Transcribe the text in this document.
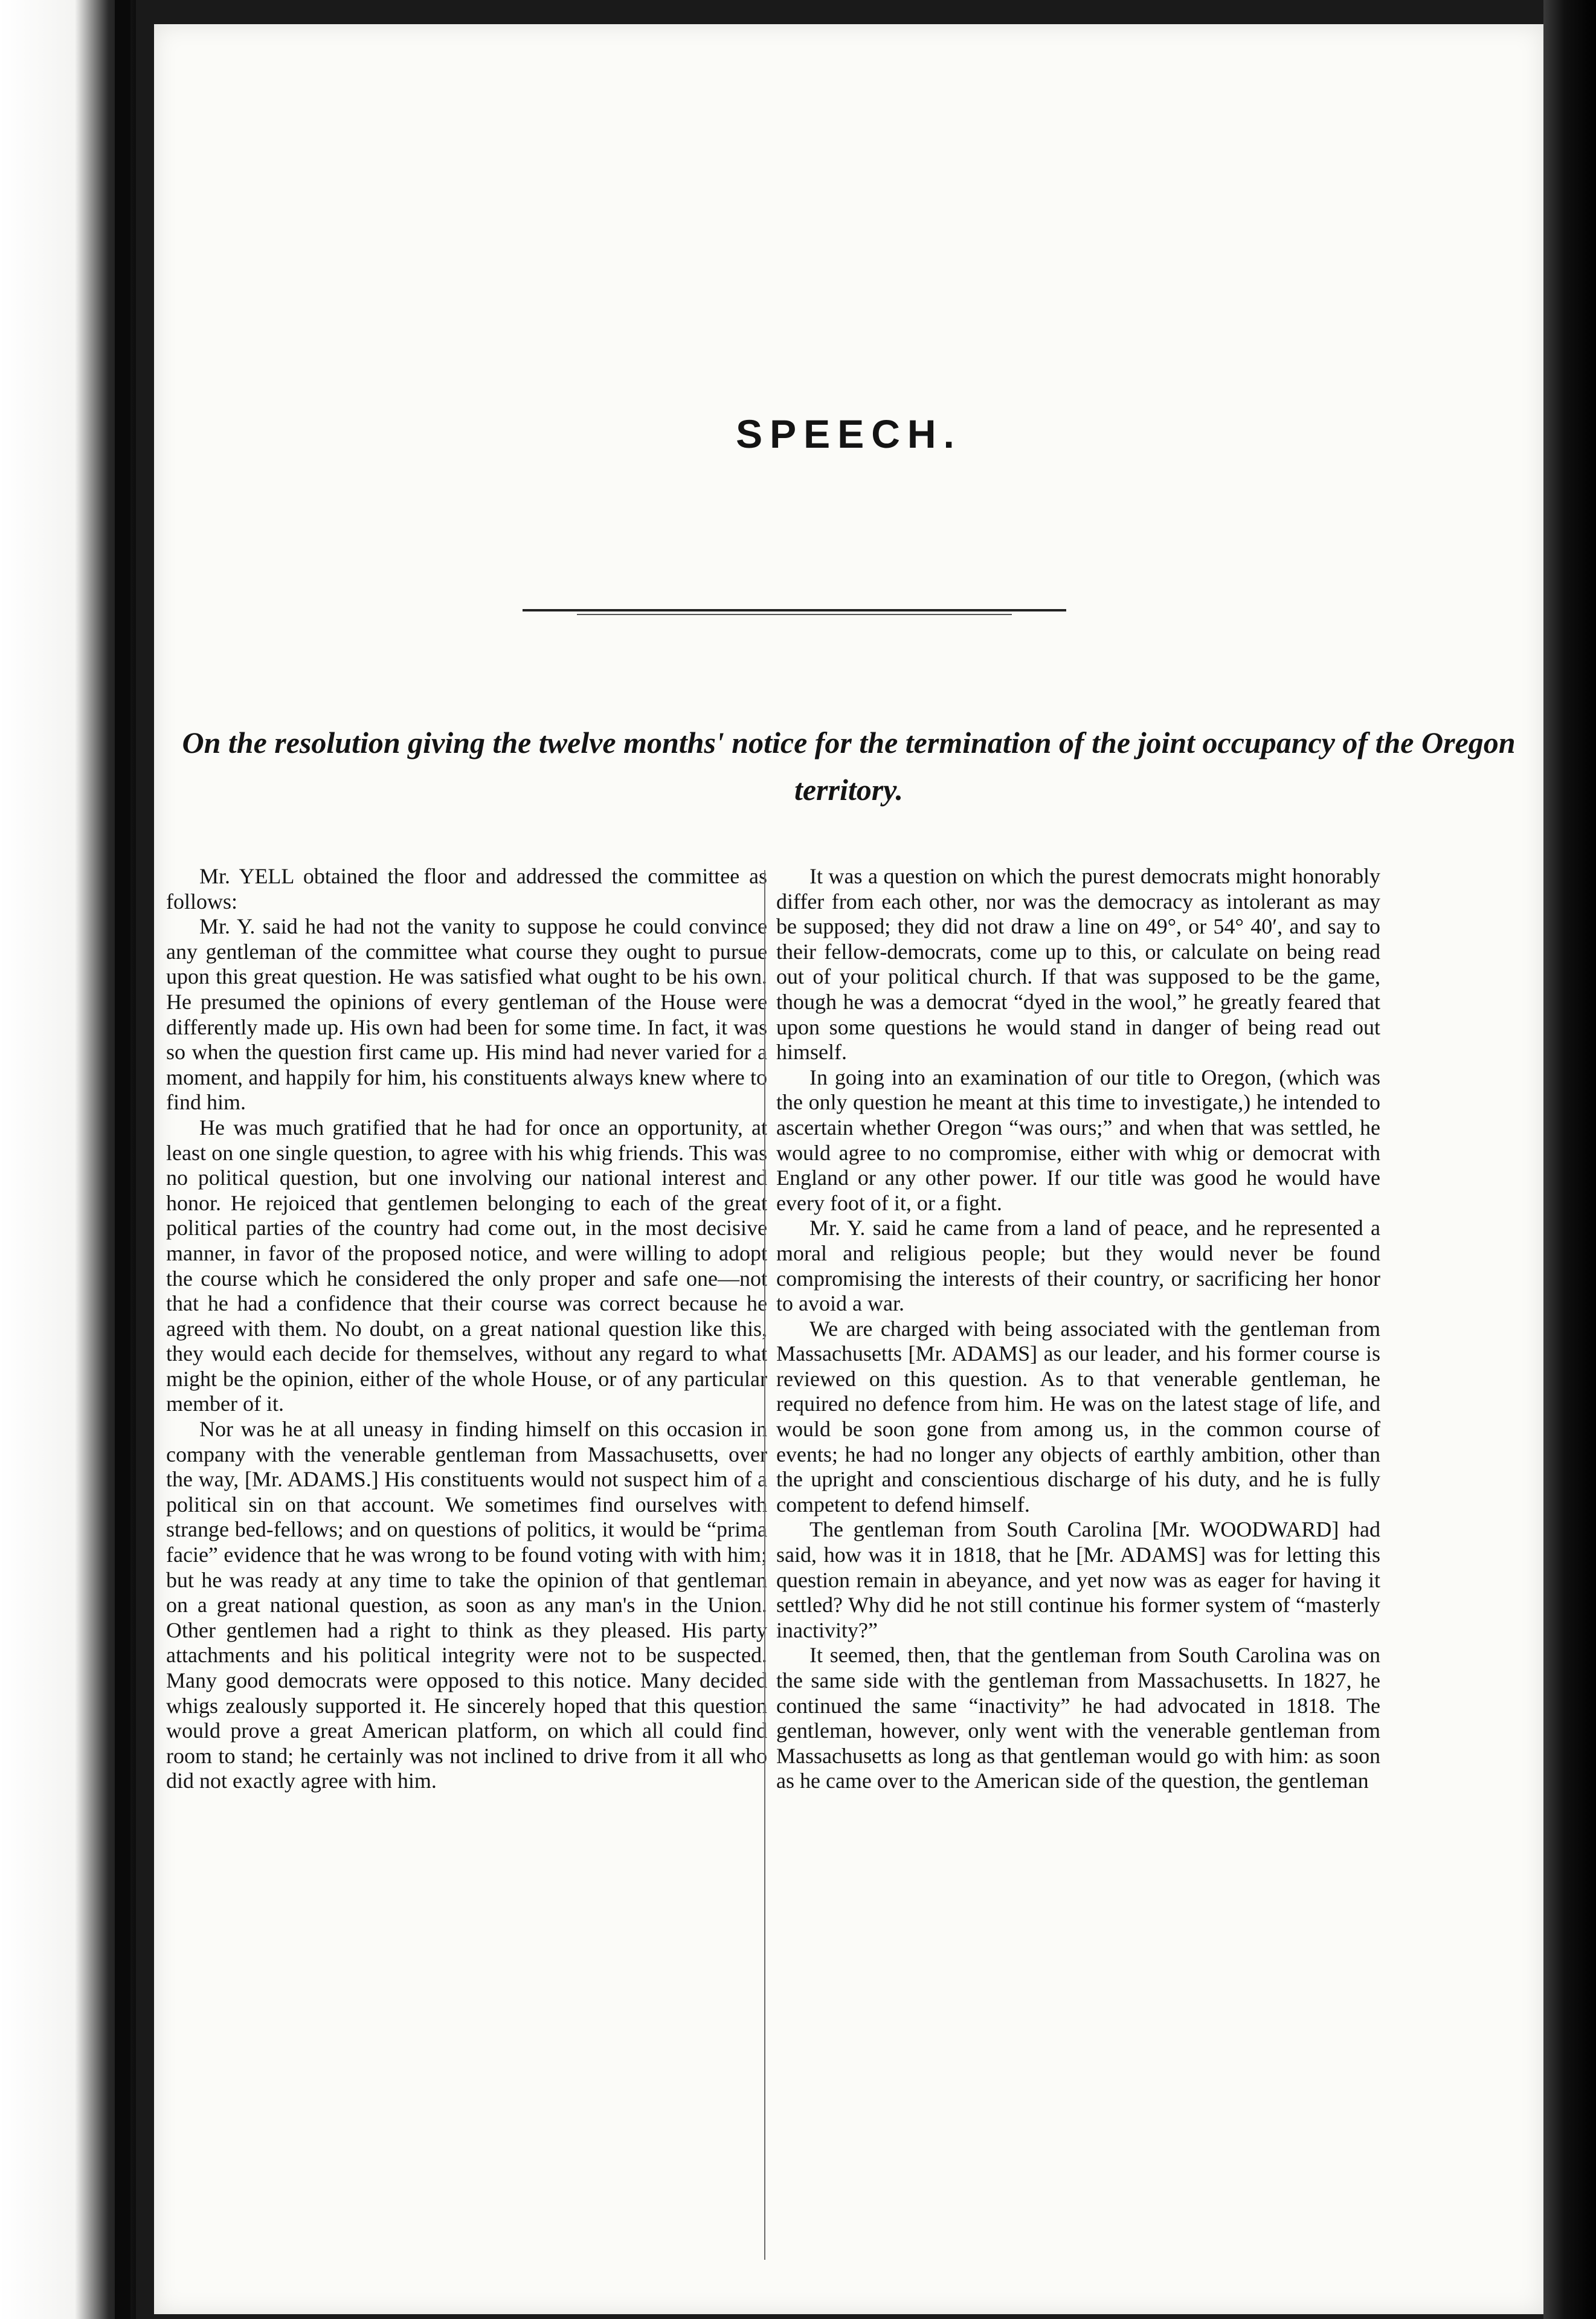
SPEECH.
On the resolution giving the twelve months' notice for the termination of the joint occupancy of the Oregon territory.

Mr. YELL obtained the floor and addressed the committee as follows:

Mr. Y. said he had not the vanity to suppose he could convince any gentleman of the committee what course they ought to pursue upon this great question. He was satisfied what ought to be his own. He presumed the opinions of every gentleman of the House were differently made up. His own had been for some time. In fact, it was so when the question first came up. His mind had never varied for a moment, and happily for him, his constituents always knew where to find him.

He was much gratified that he had for once an opportunity, at least on one single question, to agree with his whig friends. This was no political question, but one involving our national interest and honor. He rejoiced that gentlemen belonging to each of the great political parties of the country had come out, in the most decisive manner, in favor of the proposed notice, and were willing to adopt the course which he considered the only proper and safe one—not that he had a confidence that their course was correct because he agreed with them. No doubt, on a great national question like this, they would each decide for themselves, without any regard to what might be the opinion, either of the whole House, or of any particular member of it.

Nor was he at all uneasy in finding himself on this occasion in company with the venerable gentleman from Massachusetts, over the way, [Mr. ADAMS.] His constituents would not suspect him of a political sin on that account. We sometimes find ourselves with strange bed-fellows; and on questions of politics, it would be “prima facie” evidence that he was wrong to be found voting with with him; but he was ready at any time to take the opinion of that gentleman on a great national question, as soon as any man's in the Union. Other gentlemen had a right to think as they pleased. His party attachments and his political integrity were not to be suspected. Many good democrats were opposed to this notice. Many decided whigs zealously supported it. He sincerely hoped that this question would prove a great American platform, on which all could find room to stand; he certainly was not inclined to drive from it all who did not exactly agree with him.

It was a question on which the purest democrats might honorably differ from each other, nor was the democracy as intolerant as may be supposed; they did not draw a line on 49°, or 54° 40′, and say to their fellow-democrats, come up to this, or calculate on being read out of your political church. If that was supposed to be the game, though he was a democrat “dyed in the wool,” he greatly feared that upon some questions he would stand in danger of being read out himself.

In going into an examination of our title to Oregon, (which was the only question he meant at this time to investigate,) he intended to ascertain whether Oregon “was ours;” and when that was settled, he would agree to no compromise, either with whig or democrat with England or any other power. If our title was good he would have every foot of it, or a fight.

Mr. Y. said he came from a land of peace, and he represented a moral and religious people; but they would never be found compromising the interests of their country, or sacrificing her honor to avoid a war.

We are charged with being associated with the gentleman from Massachusetts [Mr. ADAMS] as our leader, and his former course is reviewed on this question. As to that venerable gentleman, he required no defence from him. He was on the latest stage of life, and would be soon gone from among us, in the common course of events; he had no longer any objects of earthly ambition, other than the upright and conscientious discharge of his duty, and he is fully competent to defend himself.

The gentleman from South Carolina [Mr. WOODWARD] had said, how was it in 1818, that he [Mr. ADAMS] was for letting this question remain in abeyance, and yet now was as eager for having it settled? Why did he not still continue his former system of “masterly inactivity?”

It seemed, then, that the gentleman from South Carolina was on the same side with the gentleman from Massachusetts. In 1827, he continued the same “inactivity” he had advocated in 1818. The gentleman, however, only went with the venerable gentleman from Massachusetts as long as that gentleman would go with him: as soon as he came over to the American side of the question, the gentleman
